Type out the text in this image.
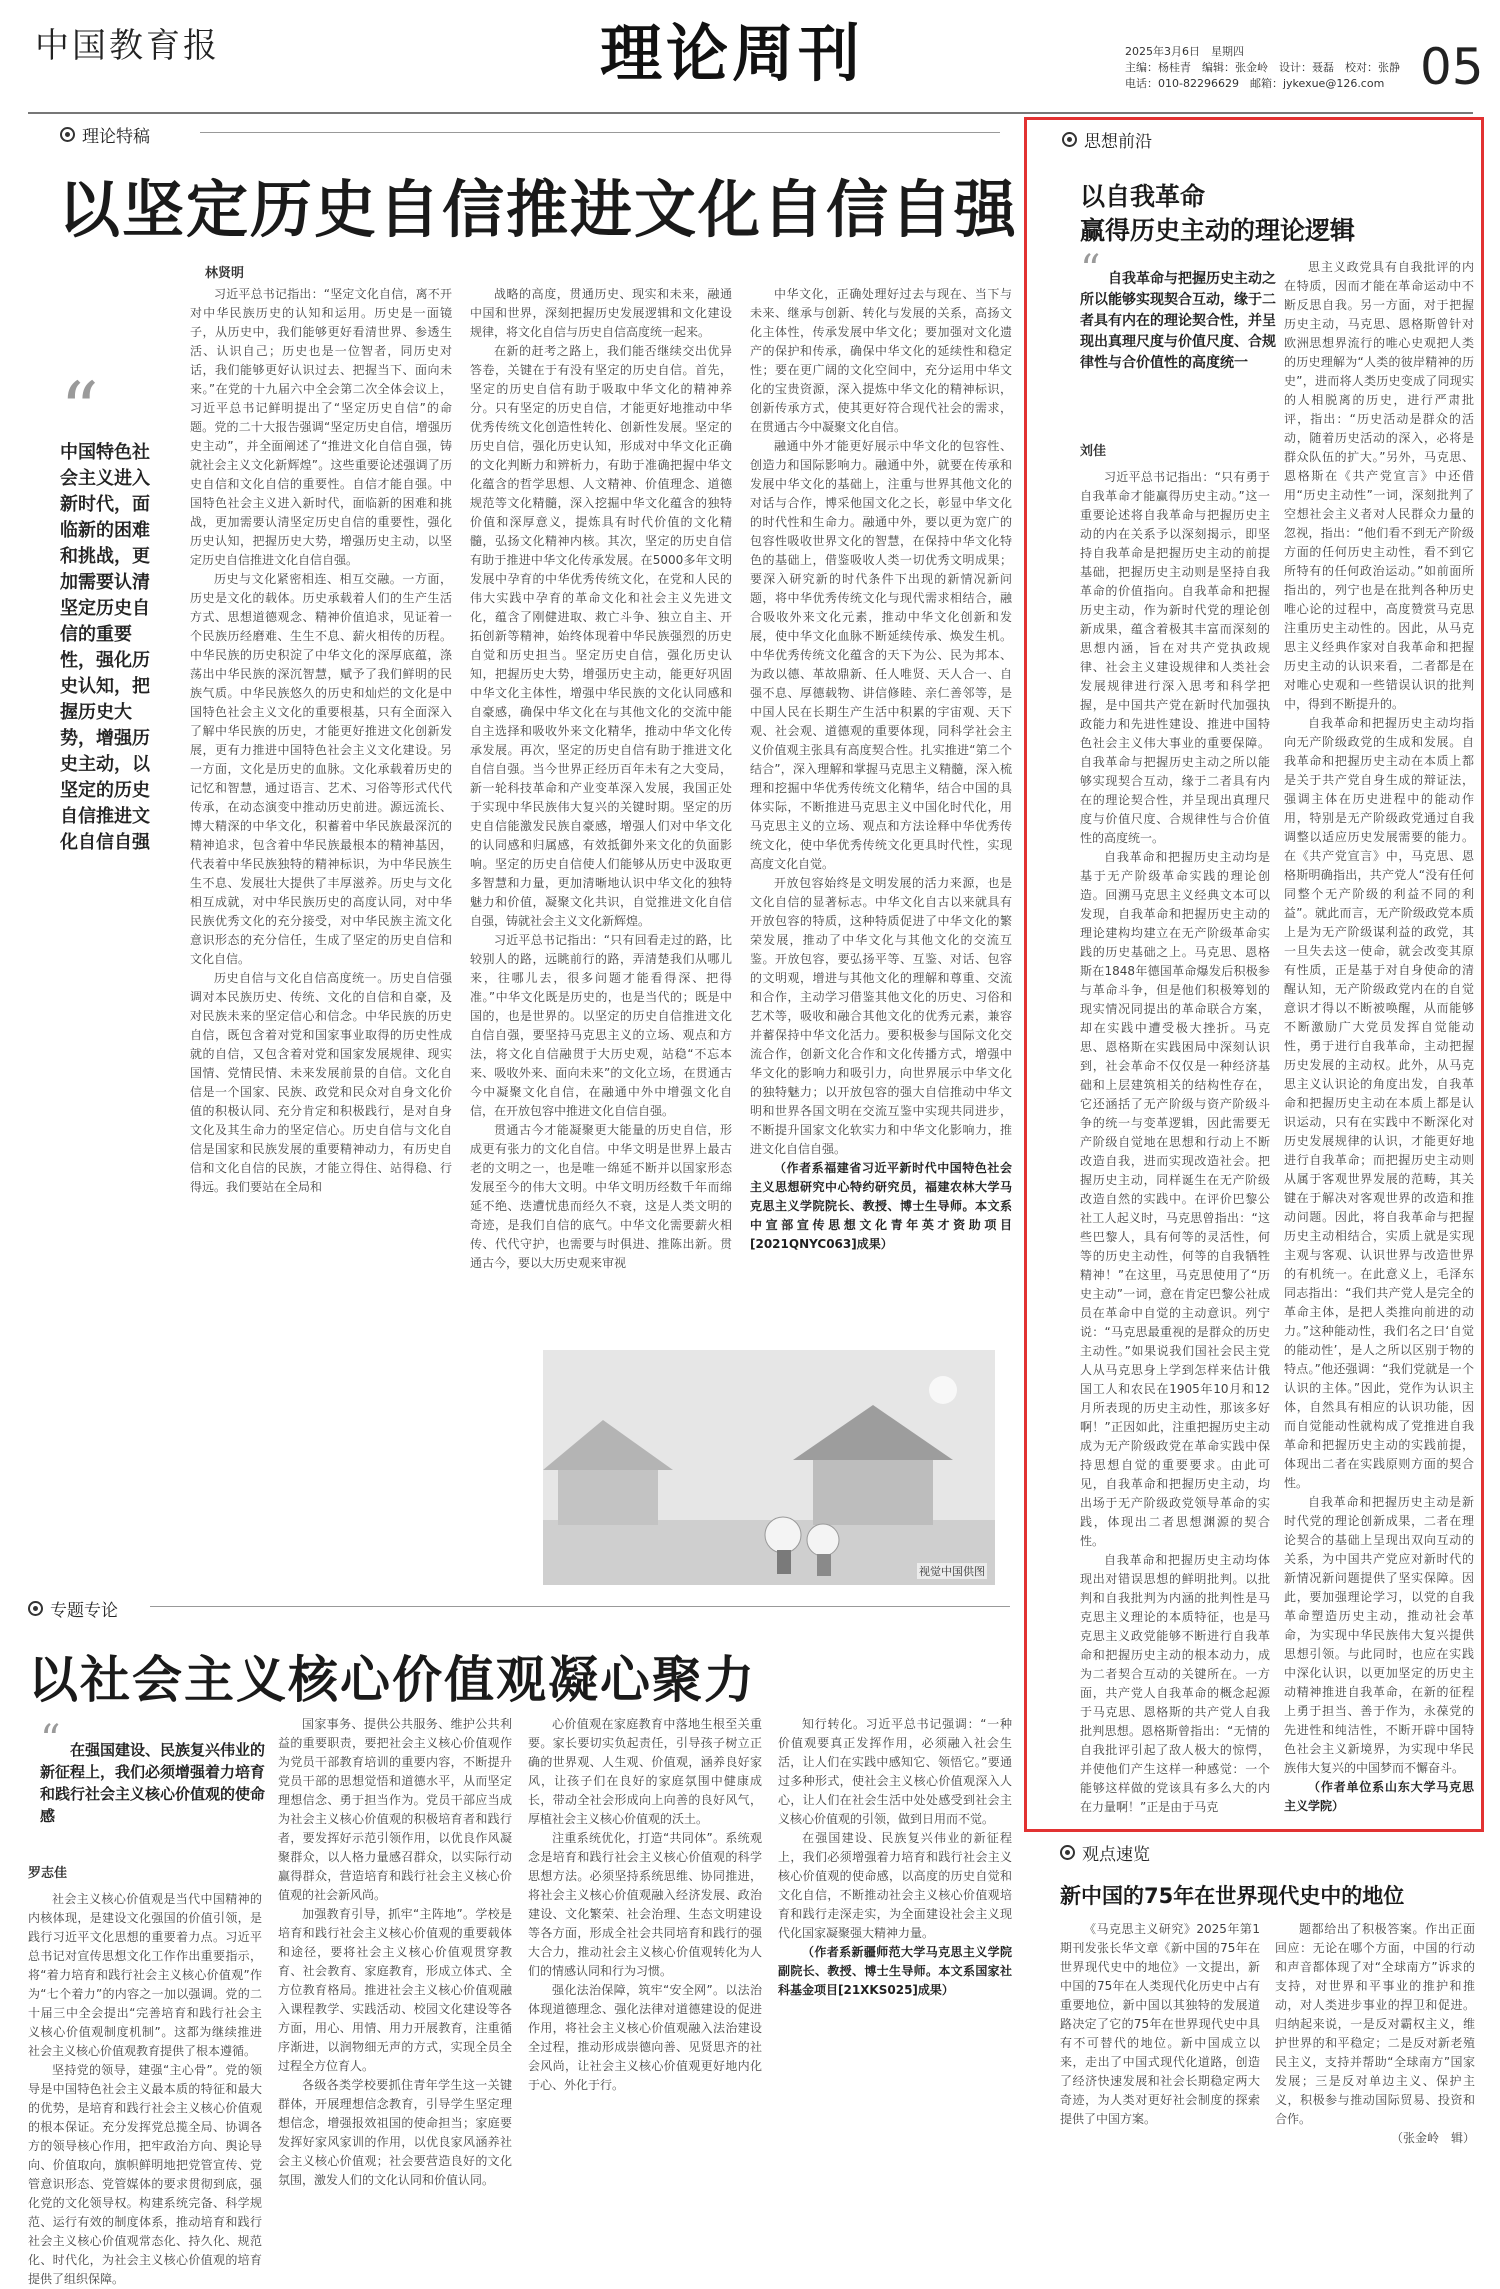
中国教育报	理论周刊	2025年3月6日　 星期四
主编：杨桂青　编辑：张金岭　设计：聂磊　校对：张静
电话：010-82296629　邮箱：jykexue@126.com 05
理论特稿
以坚定历史自信推进文化自信自强
林贤明
“
中国特色社会主义进入新时代，面临新的困难和挑战，更加需要认清坚定历史自信的重要性，强化历史认知，把握历史大势，增强历史主动，以坚定的历史自信推进文化自信自强

习近平总书记指出：“坚定文化自信，离不开对中华民族历史的认知和运用。历史是一面镜子，从历史中，我们能够更好看清世界、参透生活、认识自己；历史也是一位智者，同历史对话，我们能够更好认识过去、把握当下、面向未来。”在党的十九届六中全会第二次全体会议上，习近平总书记鲜明提出了“坚定历史自信”的命题。党的二十大报告强调“坚定历史自信，增强历史主动”，并全面阐述了“推进文化自信自强，铸就社会主义文化新辉煌”。这些重要论述强调了历史自信和文化自信的重要性。自信才能自强。中国特色社会主义进入新时代，面临新的困难和挑战，更加需要认清坚定历史自信的重要性，强化历史认知，把握历史大势，增强历史主动，以坚定历史自信推进文化自信自强。

历史与文化紧密相连、相互交融。一方面，历史是文化的载体。历史承载着人们的生产生活方式、思想道德观念、精神价值追求，见证着一个民族历经磨难、生生不息、薪火相传的历程。中华民族的历史积淀了中华文化的深厚底蕴，涤荡出中华民族的深沉智慧，赋予了我们鲜明的民族气质。中华民族悠久的历史和灿烂的文化是中国特色社会主义文化的重要根基，只有全面深入了解中华民族的历史，才能更好推进文化创新发展，更有力推进中国特色社会主义文化建设。另一方面，文化是历史的血脉。文化承载着历史的记忆和智慧，通过语言、艺术、习俗等形式代代传承，在动态演变中推动历史前进。源远流长、博大精深的中华文化，积蓄着中华民族最深沉的精神追求，包含着中华民族最根本的精神基因，代表着中华民族独特的精神标识，为中华民族生生不息、发展壮大提供了丰厚滋养。历史与文化相互成就，对中华民族历史的高度认同，对中华民族优秀文化的充分接受，对中华民族主流文化意识形态的充分信任，生成了坚定的历史自信和文化自信。

历史自信与文化自信高度统一。历史自信强调对本民族历史、传统、文化的自信和自豪，及对民族未来的坚定信心和信念。中华民族的历史自信，既包含着对党和国家事业取得的历史性成就的自信，又包含着对党和国家发展规律、现实国情、党情民情、未来发展前景的自信。文化自信是一个国家、民族、政党和民众对自身文化价值的积极认同、充分肯定和积极践行，是对自身文化及其生命力的坚定信心。历史自信与文化自信是国家和民族发展的重要精神动力，有历史自信和文化自信的民族，才能立得住、站得稳、行得远。我们要站在全局和

战略的高度，贯通历史、现实和未来，融通中国和世界，深刻把握历史发展逻辑和文化建设规律，将文化自信与历史自信高度统一起来。

在新的赶考之路上，我们能否继续交出优异答卷，关键在于有没有坚定的历史自信。首先，坚定的历史自信有助于吸取中华文化的精神养分。只有坚定的历史自信，才能更好地推动中华优秀传统文化创造性转化、创新性发展。坚定的历史自信，强化历史认知，形成对中华文化正确的文化判断力和辨析力，有助于准确把握中华文化蕴含的哲学思想、人文精神、价值理念、道德规范等文化精髓，深入挖掘中华文化蕴含的独特价值和深厚意义，提炼具有时代价值的文化精髓，弘扬文化精神内核。其次，坚定的历史自信有助于推进中华文化传承发展。在5000多年文明发展中孕育的中华优秀传统文化，在党和人民的伟大实践中孕育的革命文化和社会主义先进文化，蕴含了刚健进取、救亡斗争、独立自主、开拓创新等精神，始终体现着中华民族强烈的历史自觉和历史担当。坚定历史自信，强化历史认知，把握历史大势，增强历史主动，能更好巩固中华文化主体性，增强中华民族的文化认同感和自豪感，确保中华文化在与其他文化的交流中能自主选择和吸收外来文化精华，推动中华文化传承发展。再次，坚定的历史自信有助于推进文化自信自强。当今世界正经历百年未有之大变局，新一轮科技革命和产业变革深入发展，我国正处于实现中华民族伟大复兴的关键时期。坚定的历史自信能激发民族自豪感，增强人们对中华文化的认同感和归属感，有效抵御外来文化的负面影响。坚定的历史自信使人们能够从历史中汲取更多智慧和力量，更加清晰地认识中华文化的独特魅力和价值，凝聚文化共识，自觉推进文化自信自强，铸就社会主义文化新辉煌。

习近平总书记指出：“只有回看走过的路，比较别人的路，远眺前行的路，弄清楚我们从哪儿来，往哪儿去，很多问题才能看得深、把得准。”中华文化既是历史的，也是当代的；既是中国的，也是世界的。以坚定的历史自信推进文化自信自强，要坚持马克思主义的立场、观点和方法，将文化自信融贯于大历史观，站稳“不忘本来、吸收外来、面向未来”的文化立场，在贯通古今中凝聚文化自信，在融通中外中增强文化自信，在开放包容中推进文化自信自强。

贯通古今才能凝聚更大能量的历史自信，形成更有张力的文化自信。中华文明是世界上最古老的文明之一，也是唯一绵延不断并以国家形态发展至今的伟大文明。中华文明历经数千年而绵延不绝、迭遭忧患而经久不衰，这是人类文明的奇迹，是我们自信的底气。中华文化需要薪火相传、代代守护，也需要与时俱进、推陈出新。贯通古今，要以大历史观来审视

中华文化，正确处理好过去与现在、当下与未来、继承与创新、转化与发展的关系，高扬文化主体性，传承发展中华文化；要加强对文化遗产的保护和传承，确保中华文化的延续性和稳定性；要在更广阔的文化空间中，充分运用中华文化的宝贵资源，深入提炼中华文化的精神标识，创新传承方式，使其更好符合现代社会的需求，在贯通古今中凝聚文化自信。

融通中外才能更好展示中华文化的包容性、创造力和国际影响力。融通中外，就要在传承和发展中华文化的基础上，注重与世界其他文化的对话与合作，博采他国文化之长，彰显中华文化的时代性和生命力。融通中外，要以更为宽广的包容性吸收世界文化的智慧，在保持中华文化特色的基础上，借鉴吸收人类一切优秀文明成果；要深入研究新的时代条件下出现的新情况新问题，将中华优秀传统文化与现代需求相结合，融合吸收外来文化元素，推动中华文化创新和发展，使中华文化血脉不断延续传承、焕发生机。中华优秀传统文化蕴含的天下为公、民为邦本、为政以德、革故鼎新、任人唯贤、天人合一、自强不息、厚德载物、讲信修睦、亲仁善邻等，是中国人民在长期生产生活中积累的宇宙观、天下观、社会观、道德观的重要体现，同科学社会主义价值观主张具有高度契合性。扎实推进“第二个结合”，深入理解和掌握马克思主义精髓，深入梳理和挖掘中华优秀传统文化精华，结合中国的具体实际，不断推进马克思主义中国化时代化，用马克思主义的立场、观点和方法诠释中华优秀传统文化，使中华优秀传统文化更具时代性，实现高度文化自觉。

开放包容始终是文明发展的活力来源，也是文化自信的显著标志。中华文化自古以来就具有开放包容的特质，这种特质促进了中华文化的繁荣发展，推动了中华文化与其他文化的交流互鉴。开放包容，要弘扬平等、互鉴、对话、包容的文明观，增进与其他文化的理解和尊重、交流和合作，主动学习借鉴其他文化的历史、习俗和艺术等，吸收和融合其他文化的优秀元素，兼容并蓄保持中华文化活力。要积极参与国际文化交流合作，创新文化合作和文化传播方式，增强中华文化的影响力和吸引力，向世界展示中华文化的独特魅力；以开放包容的强大自信推动中华文明和世界各国文明在交流互鉴中实现共同进步，不断提升国家文化软实力和中华文化影响力，推进文化自信自强。

（作者系福建省习近平新时代中国特色社会主义思想研究中心特约研究员，福建农林大学马克思主义学院院长、教授、博士生导师。本文系中宣部宣传思想文化青年英才资助项目[2021QNYC063]成果）

视觉中国供图
思想前沿
以自我革命
赢得历史主动的理论逻辑
“ 自我革命与把握历史主动之所以能够实现契合互动，缘于二者具有内在的理论契合性，并呈现出真理尺度与价值尺度、合规律性与合价值性的高度统一
刘佳

习近平总书记指出：“只有勇于自我革命才能赢得历史主动。”这一重要论述将自我革命与把握历史主动的内在关系予以深刻揭示，即坚持自我革命是把握历史主动的前提基础，把握历史主动则是坚持自我革命的价值指向。自我革命和把握历史主动，作为新时代党的理论创新成果，蕴含着极其丰富而深刻的思想内涵，旨在对共产党执政规律、社会主义建设规律和人类社会发展规律进行深入思考和科学把握，是中国共产党在新时代加强执政能力和先进性建设、推进中国特色社会主义伟大事业的重要保障。自我革命与把握历史主动之所以能够实现契合互动，缘于二者具有内在的理论契合性，并呈现出真理尺度与价值尺度、合规律性与合价值性的高度统一。

自我革命和把握历史主动均是基于无产阶级革命实践的理论创造。回溯马克思主义经典文本可以发现，自我革命和把握历史主动的理论建构均建立在无产阶级革命实践的历史基础之上。马克思、恩格斯在1848年德国革命爆发后积极参与革命斗争，但是他们积极筹划的现实情况同提出的革命联合方案，却在实践中遭受极大挫折。马克思、恩格斯在实践困局中深刻认识到，社会革命不仅仅是一种经济基础和上层建筑相关的结构性存在，它还涵括了无产阶级与资产阶级斗争的统一与变革逻辑，因此需要无产阶级自觉地在思想和行动上不断改造自我，进而实现改造社会。把握历史主动，同样诞生在无产阶级改造自然的实践中。在评价巴黎公社工人起义时，马克思曾指出：“这些巴黎人，具有何等的灵活性，何等的历史主动性，何等的自我牺牲精神！”在这里，马克思使用了“历史主动”一词，意在肯定巴黎公社成员在革命中自觉的主动意识。列宁说：“马克思最重视的是群众的历史主动性。”如果说我们国社会民主党人从马克思身上学到怎样来估计俄国工人和农民在1905年10月和12月所表现的历史主动性，那该多好啊！”正因如此，注重把握历史主动成为无产阶级政党在革命实践中保持思想自觉的重要要求。由此可见，自我革命和把握历史主动，均出场于无产阶级政党领导革命的实践，体现出二者思想渊源的契合性。

自我革命和把握历史主动均体现出对错误思想的鲜明批判。以批判和自我批判为内涵的批判性是马克思主义理论的本质特征，也是马克思主义政党能够不断进行自我革命和把握历史主动的根本动力，成为二者契合互动的关键所在。一方面，共产党人自我革命的概念起源于马克思、恩格斯的共产党人自我批判思想。恩格斯曾指出：“无情的自我批评引起了敌人极大的惊愕，并使他们产生这样一种感觉：一个能够这样做的党该具有多么大的内在力量啊！”正是由于马克

思主义政党具有自我批评的内在特质，因而才能在革命运动中不断反思自我。另一方面，对于把握历史主动，马克思、恩格斯曾针对欧洲思想界流行的唯心史观把人类的历史理解为“人类的彼岸精神的历史”，进而将人类历史变成了同现实的人相脱离的历史，进行严肃批评，指出：“历史活动是群众的活动，随着历史活动的深入，必将是群众队伍的扩大。”另外，马克思、恩格斯在《共产党宣言》中还借用“历史主动性”一词，深刻批判了空想社会主义者对人民群众力量的忽视，指出：“他们看不到无产阶级方面的任何历史主动性，看不到它所特有的任何政治运动。”如前面所指出的，列宁也是在批判各种历史唯心论的过程中，高度赞赏马克思注重历史主动性的。因此，从马克思主义经典作家对自我革命和把握历史主动的认识来看，二者都是在对唯心史观和一些错误认识的批判中，得到不断提升的。

自我革命和把握历史主动均指向无产阶级政党的生成和发展。自我革命和把握历史主动在本质上都是关于共产党自身生成的辩证法，强调主体在历史进程中的能动作用，特别是无产阶级政党通过自我调整以适应历史发展需要的能力。在《共产党宣言》中，马克思、恩格斯明确指出，共产党人“没有任何同整个无产阶级的利益不同的利益”。就此而言，无产阶级政党本质上是为无产阶级谋利益的政党，其一旦失去这一使命，就会改变其原有性质，正是基于对自身使命的清醒认知，无产阶级政党内在的自觉意识才得以不断被唤醒，从而能够不断激励广大党员发挥自觉能动性，勇于进行自我革命，主动把握历史发展的主动权。此外，从马克思主义认识论的角度出发，自我革命和把握历史主动在本质上都是认识运动，只有在实践中不断深化对历史发展规律的认识，才能更好地进行自我革命；而把握历史主动则从属于客观世界发展的范畴，其关键在于解决对客观世界的改造和推动问题。因此，将自我革命与把握历史主动相结合，实质上就是实现主观与客观、认识世界与改造世界的有机统一。在此意义上，毛泽东同志指出：“我们共产党人是完全的革命主体，是把人类推向前进的动力。”这种能动性，我们名之曰‘自觉的能动性’，是人之所以区别于物的特点。”他还强调：“我们党就是一个认识的主体。”因此，党作为认识主体，自然具有相应的认识功能，因而自觉能动性就构成了党推进自我革命和把握历史主动的实践前提，体现出二者在实践原则方面的契合性。

自我革命和把握历史主动是新时代党的理论创新成果，二者在理论契合的基础上呈现出双向互动的关系，为中国共产党应对新时代的新情况新问题提供了坚实保障。因此，要加强理论学习，以党的自我革命塑造历史主动，推动社会革命，为实现中华民族伟大复兴提供思想引领。与此同时，也应在实践中深化认识，以更加坚定的历史主动精神推进自我革命，在新的征程上勇于担当、善于作为，永葆党的先进性和纯洁性，不断开辟中国特色社会主义新境界，为实现中华民族伟大复兴的中国梦而不懈奋斗。

（作者单位系山东大学马克思主义学院）

专题专论
以社会主义核心价值观凝心聚力
“ 在强国建设、民族复兴伟业的新征程上，我们必须增强着力培育和践行社会主义核心价值观的使命感
罗志佳

社会主义核心价值观是当代中国精神的内核体现，是建设文化强国的价值引领，是践行习近平文化思想的重要着力点。习近平总书记对宣传思想文化工作作出重要指示，将“着力培育和践行社会主义核心价值观”作为“七个着力”的内容之一加以强调。党的二十届三中全会提出“完善培育和践行社会主义核心价值观制度机制”。这都为继续推进社会主义核心价值观教育提供了根本遵循。

坚持党的领导，建强“主心骨”。党的领导是中国特色社会主义最本质的特征和最大的优势，是培育和践行社会主义核心价值观的根本保证。充分发挥党总揽全局、协调各方的领导核心作用，把牢政治方向、舆论导向、价值取向，旗帜鲜明地把党管宣传、党管意识形态、党管媒体的要求贯彻到底，强化党的文化领导权。构建系统完备、科学规范、运行有效的制度体系，推动培育和践行社会主义核心价值观常态化、持久化、规范化、时代化，为社会主义核心价值观的培育提供了组织保障。

国家事务、提供公共服务、维护公共利益的重要职责，要把社会主义核心价值观作为党员干部教育培训的重要内容，不断提升党员干部的思想觉悟和道德水平，从而坚定理想信念、勇于担当作为。党员干部应当成为社会主义核心价值观的积极培育者和践行者，要发挥好示范引领作用，以优良作风凝聚群众，以人格力量感召群众，以实际行动赢得群众，营造培育和践行社会主义核心价值观的社会新风尚。

加强教育引导，抓牢“主阵地”。学校是培育和践行社会主义核心价值观的重要载体和途径，要将社会主义核心价值观贯穿教育、社会教育、家庭教育，形成立体式、全方位教育格局。推进社会主义核心价值观融入课程教学、实践活动、校园文化建设等各方面，用心、用情、用力开展教育，注重循序渐进，以润物细无声的方式，实现全员全过程全方位育人。

各级各类学校要抓住青年学生这一关键群体，开展理想信念教育，引导学生坚定理想信念，增强报效祖国的使命担当；家庭要发挥好家风家训的作用，以优良家风涵养社会主义核心价值观；社会要营造良好的文化氛围，激发人们的文化认同和价值认同。

心价值观在家庭教育中落地生根至关重要。家长要切实负起责任，引导孩子树立正确的世界观、人生观、价值观，涵养良好家风，让孩子们在良好的家庭氛围中健康成长，带动全社会形成向上向善的良好风气，厚植社会主义核心价值观的沃土。

注重系统优化，打造“共同体”。系统观念是培育和践行社会主义核心价值观的科学思想方法。必须坚持系统思维、协同推进，将社会主义核心价值观融入经济发展、政治建设、文化繁荣、社会治理、生态文明建设等各方面，形成全社会共同培育和践行的强大合力，推动社会主义核心价值观转化为人们的情感认同和行为习惯。

强化法治保障，筑牢“安全网”。以法治体现道德理念、强化法律对道德建设的促进作用，将社会主义核心价值观融入法治建设全过程，推动形成崇德向善、见贤思齐的社会风尚，让社会主义核心价值观更好地内化于心、外化于行。

知行转化。习近平总书记强调：“一种价值观要真正发挥作用，必须融入社会生活，让人们在实践中感知它、领悟它。”要通过多种形式，使社会主义核心价值观深入人心，让人们在社会生活中处处感受到社会主义核心价值观的引领，做到日用而不觉。

在强国建设、民族复兴伟业的新征程上，我们必须增强着力培育和践行社会主义核心价值观的使命感，以高度的历史自觉和文化自信，不断推动社会主义核心价值观培育和践行走深走实，为全面建设社会主义现代化国家凝聚强大精神力量。

（作者系新疆师范大学马克思主义学院副院长、教授、博士生导师。本文系国家社科基金项目[21XKS025]成果）

观点速览
新中国的75年在世界现代史中的地位

《马克思主义研究》2025年第1期刊发张长华文章《新中国的75年在世界现代史中的地位》一文提出，新中国的75年在人类现代化历史中占有重要地位，新中国以其独特的发展道路决定了它的75年在世界现代史中具有不可替代的地位。新中国成立以来，走出了中国式现代化道路，创造了经济快速发展和社会长期稳定两大奇迹，为人类对更好社会制度的探索提供了中国方案。

题都给出了积极答案。作出正面回应：无论在哪个方面，中国的行动和声音都体现了对“全球南方”诉求的支持，对世界和平事业的推护和推动，对人类进步事业的捍卫和促进。归纳起来说，一是反对霸权主义，维护世界的和平稳定；二是反对新老殖民主义，支持并帮助“全球南方”国家发展；三是反对单边主义、保护主义，积极参与推动国际贸易、投资和合作。

（张金岭　辑）
